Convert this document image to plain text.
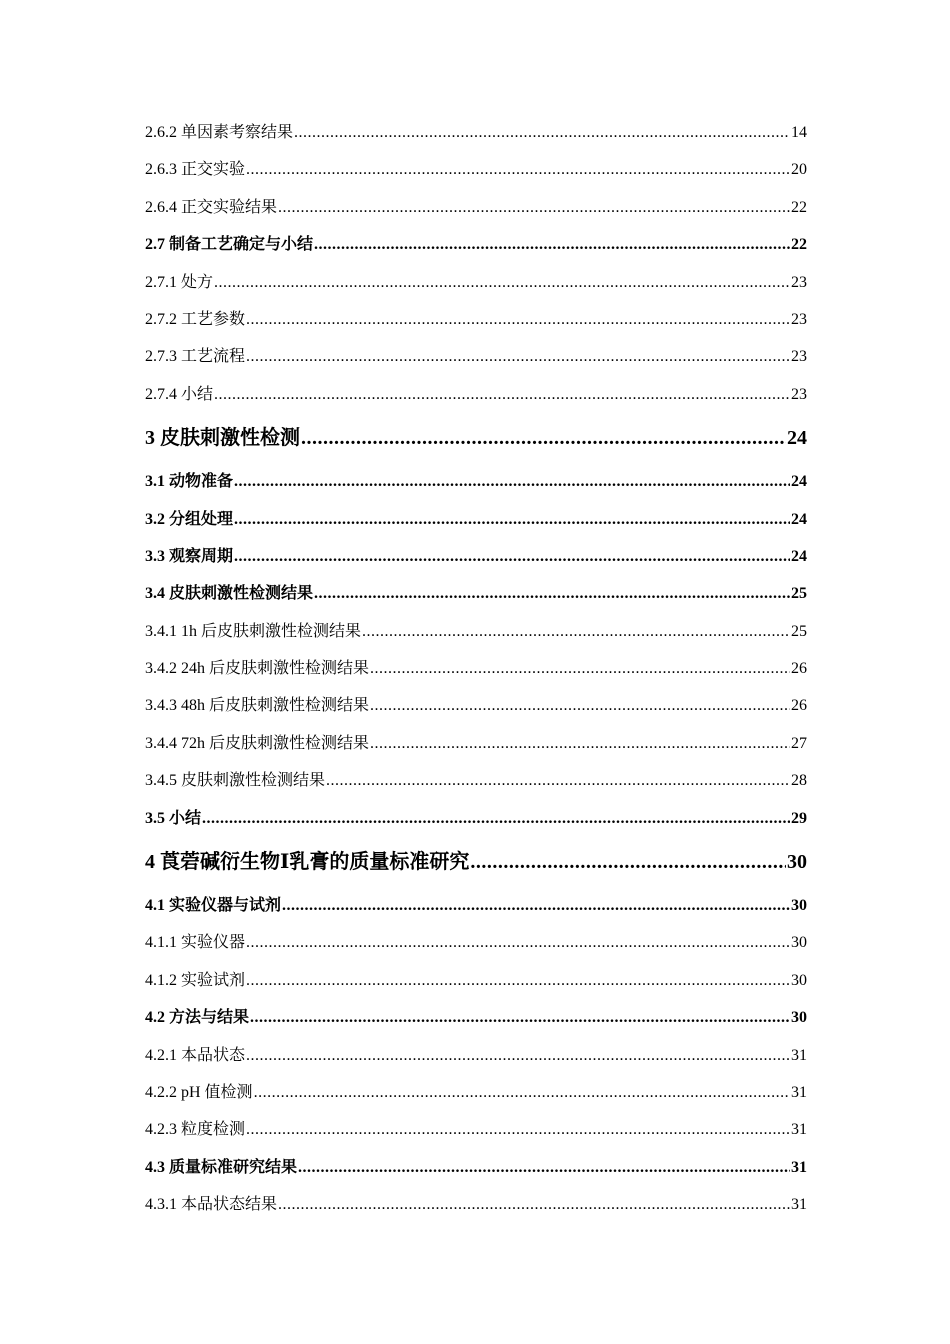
2.6.2 单因素考察结果 .....	14
2.6.3 正交实验 .....	20
2.6.4 正交实验结果 .....	22
2.7 制备工艺确定与小结 .....	22
2.7.1 处方 .....	23
2.7.2 工艺参数 .....	23
2.7.3 工艺流程 .....	23
2.7.4 小结 .....	23
3 皮肤刺激性检测 .....	24
3.1 动物准备 .....	24
3.2 分组处理 .....	24
3.3 观察周期 .....	24
3.4 皮肤刺激性检测结果 .....	25
3.4.1 1h 后皮肤刺激性检测结果 .....	25
3.4.2 24h 后皮肤刺激性检测结果 .....	26
3.4.3 48h 后皮肤刺激性检测结果 .....	26
3.4.4 72h 后皮肤刺激性检测结果 .....	27
3.4.5 皮肤刺激性检测结果 .....	28
3.5 小结 .....	29
4 莨菪碱衍生物Ⅰ乳膏的质量标准研究 .....	30
4.1 实验仪器与试剂 .....	30
4.1.1 实验仪器 .....	30
4.1.2 实验试剂 .....	30
4.2 方法与结果 .....	30
4.2.1 本品状态 .....	31
4.2.2 pH 值检测 .....	31
4.2.3 粒度检测 .....	31
4.3 质量标准研究结果 .....	31
4.3.1 本品状态结果 .....	31
